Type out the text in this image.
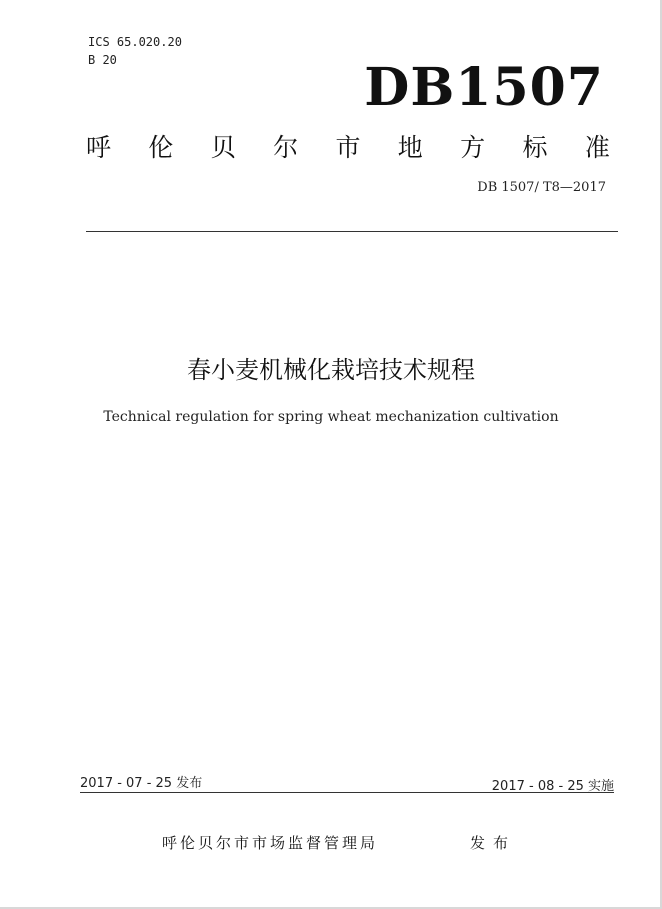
ICS 65.020.20
B 20	DB1507
呼 伦 贝 尔 市 地 方 标 准
DB 1507/ T8—2017
春小麦机械化栽培技术规程
Technical regulation for spring wheat mechanization cultivation
2017 - 07 - 25 发布	2017 - 08 - 25 实施
呼伦贝尔市市场监督管理局	发布
